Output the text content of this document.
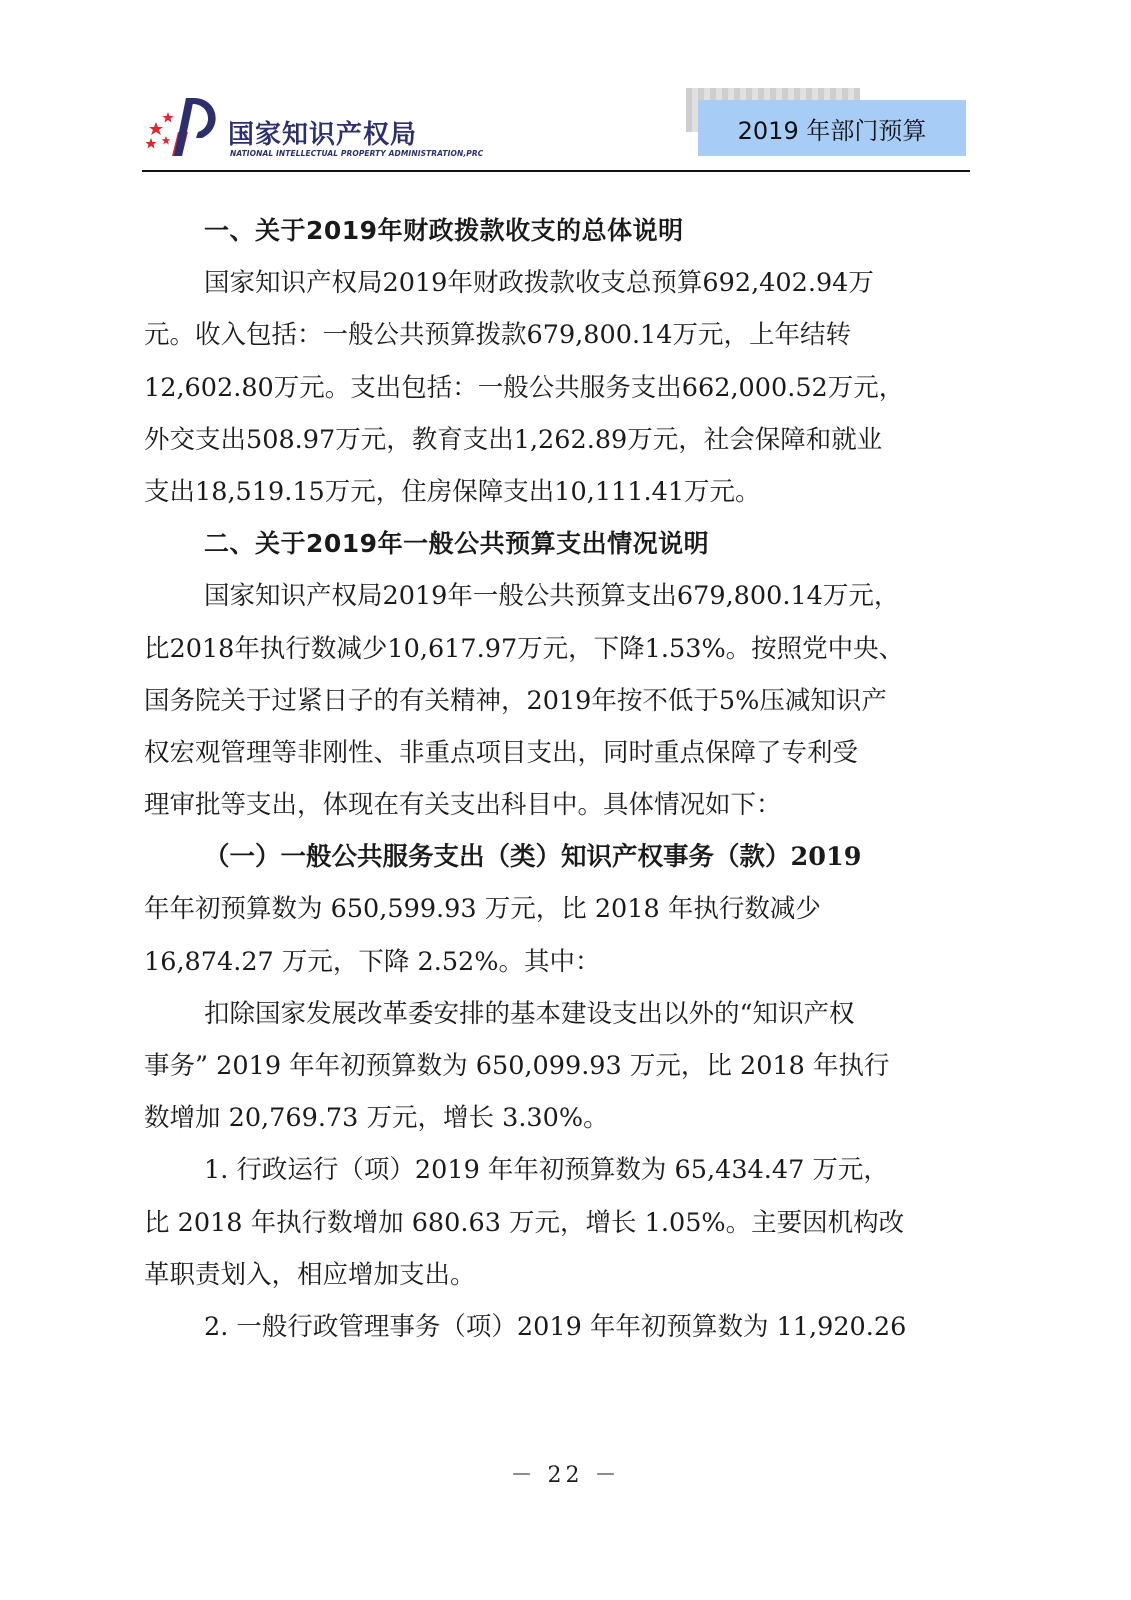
国家知识产权局
NATIONAL INTELLECTUAL PROPERTY ADMINISTRATION,PRC
2019 年部门预算
一、关于2019年财政拨款收支的总体说明
国家知识产权局2019年财政拨款收支总预算692,402.94万
元。收入包括：一般公共预算拨款679,800.14万元，上年结转
12,602.80万元。支出包括：一般公共服务支出662,000.52万元，
外交支出508.97万元，教育支出1,262.89万元，社会保障和就业
支出18,519.15万元，住房保障支出10,111.41万元。
二、关于2019年一般公共预算支出情况说明
国家知识产权局2019年一般公共预算支出679,800.14万元，
比2018年执行数减少10,617.97万元，下降1.53%。按照党中央、
国务院关于过紧日子的有关精神，2019年按不低于5%压减知识产
权宏观管理等非刚性、非重点项目支出，同时重点保障了专利受
理审批等支出，体现在有关支出科目中。具体情况如下：
（一）一般公共服务支出（类）知识产权事务（款）2019
年年初预算数为 650,599.93 万元，比 2018 年执行数减少
16,874.27 万元，下降 2.52%。其中：
扣除国家发展改革委安排的基本建设支出以外的“知识产权
事务” 2019 年年初预算数为 650,099.93 万元，比 2018 年执行
数增加 20,769.73 万元，增长 3.30%。
1. 行政运行（项）2019 年年初预算数为 65,434.47 万元，
比 2018 年执行数增加 680.63 万元，增长 1.05%。主要因机构改
革职责划入，相应增加支出。
2. 一般行政管理事务（项）2019 年年初预算数为 11,920.26
－ 22 －
